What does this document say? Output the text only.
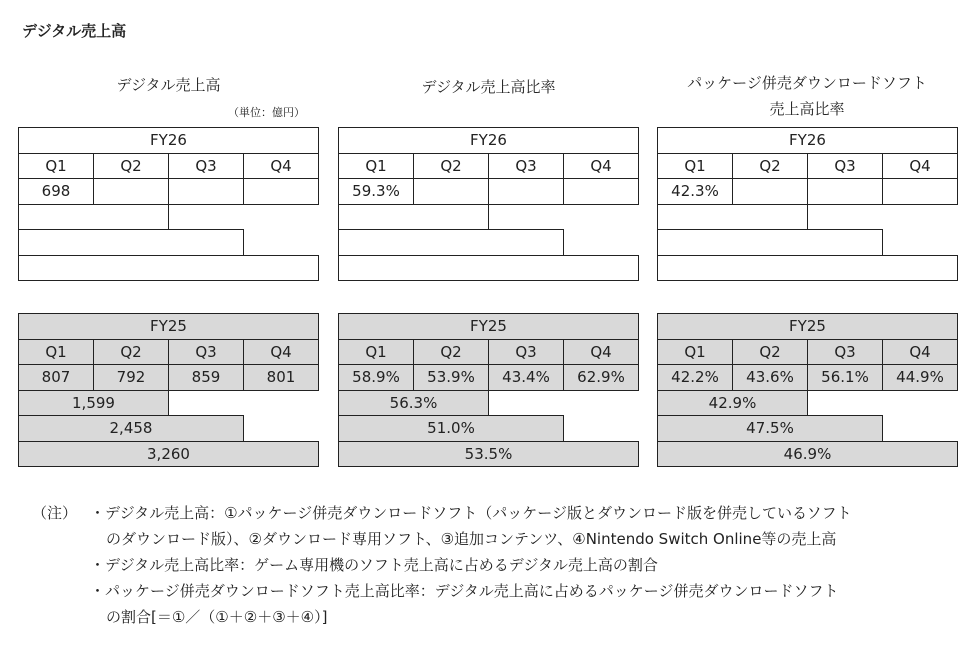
デジタル売上高
デジタル売上高
（単位：億円）
デジタル売上高比率	パッケージ併売ダウンロードソフト
売上高比率
FY26			
Q1	Q2	Q3	Q4
698			

FY26			
Q1	Q2	Q3	Q4
59.3%			

FY26			
Q1	Q2	Q3	Q4
42.3%			

FY25			
Q1	Q2	Q3	Q4
807	792	859	801
1,599			
2,458			
3,260			
FY25			
Q1	Q2	Q3	Q4
58.9%	53.9%	43.4%	62.9%
56.3%			
51.0%			
53.5%			
FY25			
Q1	Q2	Q3	Q4
42.2%	43.6%	56.1%	44.9%
42.9%			
47.5%			
46.9%			
（注） ・デジタル売上高：①パッケージ併売ダウンロードソフト（パッケージ版とダウンロード版を併売しているソフト
のダウンロード版）、②ダウンロード専用ソフト、③追加コンテンツ、④Nintendo Switch Online等の売上高
・デジタル売上高比率：ゲーム専用機のソフト売上高に占めるデジタル売上高の割合
・パッケージ併売ダウンロードソフト売上高比率：デジタル売上高に占めるパッケージ併売ダウンロードソフト
の割合[＝①／（①＋②＋③＋④）]
